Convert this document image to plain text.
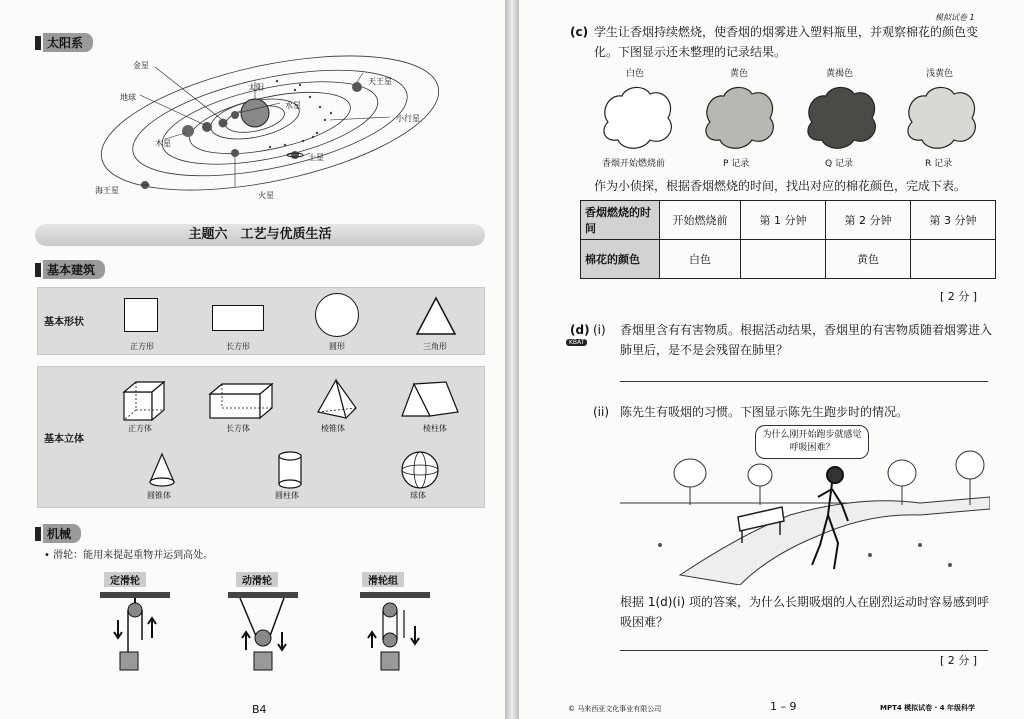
太阳系
金星
地球
太阳
水星
天王星
小行星
木星
土星
火星
海王星
主题六　工艺与优质生活
基本建筑
基本形状
正方形	长方形	圆形	三角形
基本立体
正方体	长方体	棱锥体	棱柱体
圆锥体	圆柱体	球体
机械
• 滑轮：能用来提起重物并运到高处。
定滑轮	动滑轮	滑轮组
B4
模拟试卷 1
(c) 学生让香烟持续燃烧，使香烟的烟雾进入塑料瓶里，并观察棉花的颜色变化。下图显示还未整理的记录结果。
白色	黄色	黄褐色	浅黄色
香烟开始燃烧前	P 记录	Q 记录	R 记录
作为小侦探，根据香烟燃烧的时间，找出对应的棉花颜色，完成下表。
香烟燃烧的时间	开始燃烧前	第 1 分钟	第 2 分钟	第 3 分钟
棉花的颜色	白色		黄色	
[ 2 分 ]
(d) (i)
KBAT
香烟里含有有害物质。根据活动结果，香烟里的有害物质随着烟雾进入肺里后，是不是会残留在肺里？
(ii) 陈先生有吸烟的习惯。下图显示陈先生跑步时的情况。
为什么刚开始跑步就感觉呼吸困难？
根据 1(d)(i) 项的答案，为什么长期吸烟的人在剧烈运动时容易感到呼吸困难？
[ 2 分 ]
© 马来西亚文化事业有限公司	1 – 9	MPT4 模拟试卷 · 4 年级科学
